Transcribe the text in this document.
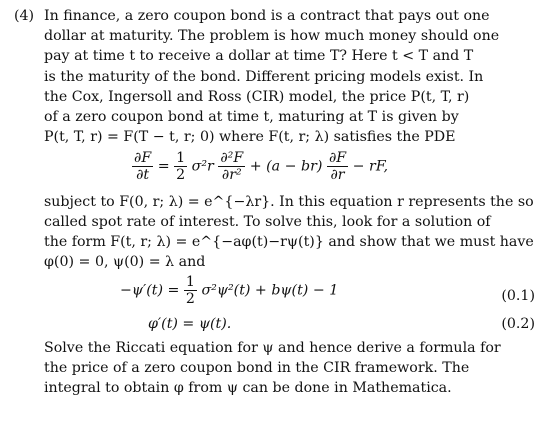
(4) In finance, a zero coupon bond is a contract that pays out one
dollar at maturity. The problem is how much money should one
pay at time t to receive a dollar at time T? Here t < T and T
is the maturity of the bond. Different pricing models exist. In
the Cox, Ingersoll and Ross (CIR) model, the price P(t, T, r)
of a zero coupon bond at time t, maturing at T is given by
P(t, T, r) = F(T − t, r; 0) where F(t, r; λ) satisfies the PDE
$\frac{\partial F}{\partial t} = \frac{1}{2} \sigma^2r \frac{\text{∂²F}}{\text{∂r²}} + (a - br) \frac{\partial F}{\partial r}$ − rF,
subject to F(0, r; λ) = e^{−λr}. In this equation r represents the so
called spot rate of interest. To solve this, look for a solution of
the form F(t, r; λ) = e^{−aφ(t)−rψ(t)} and show that we must have
φ(0) = 0, ψ(0) = λ and
$-\psi'(t) = \frac{1}{2} \sigma^2\psi^2(t) + b\psi(t) - 1$	(0.1)
φ′(t) = ψ(t).	(0.2)
Solve the Riccati equation for ψ and hence derive a formula for
the price of a zero coupon bond in the CIR framework. The
integral to obtain φ from ψ can be done in Mathematica.
